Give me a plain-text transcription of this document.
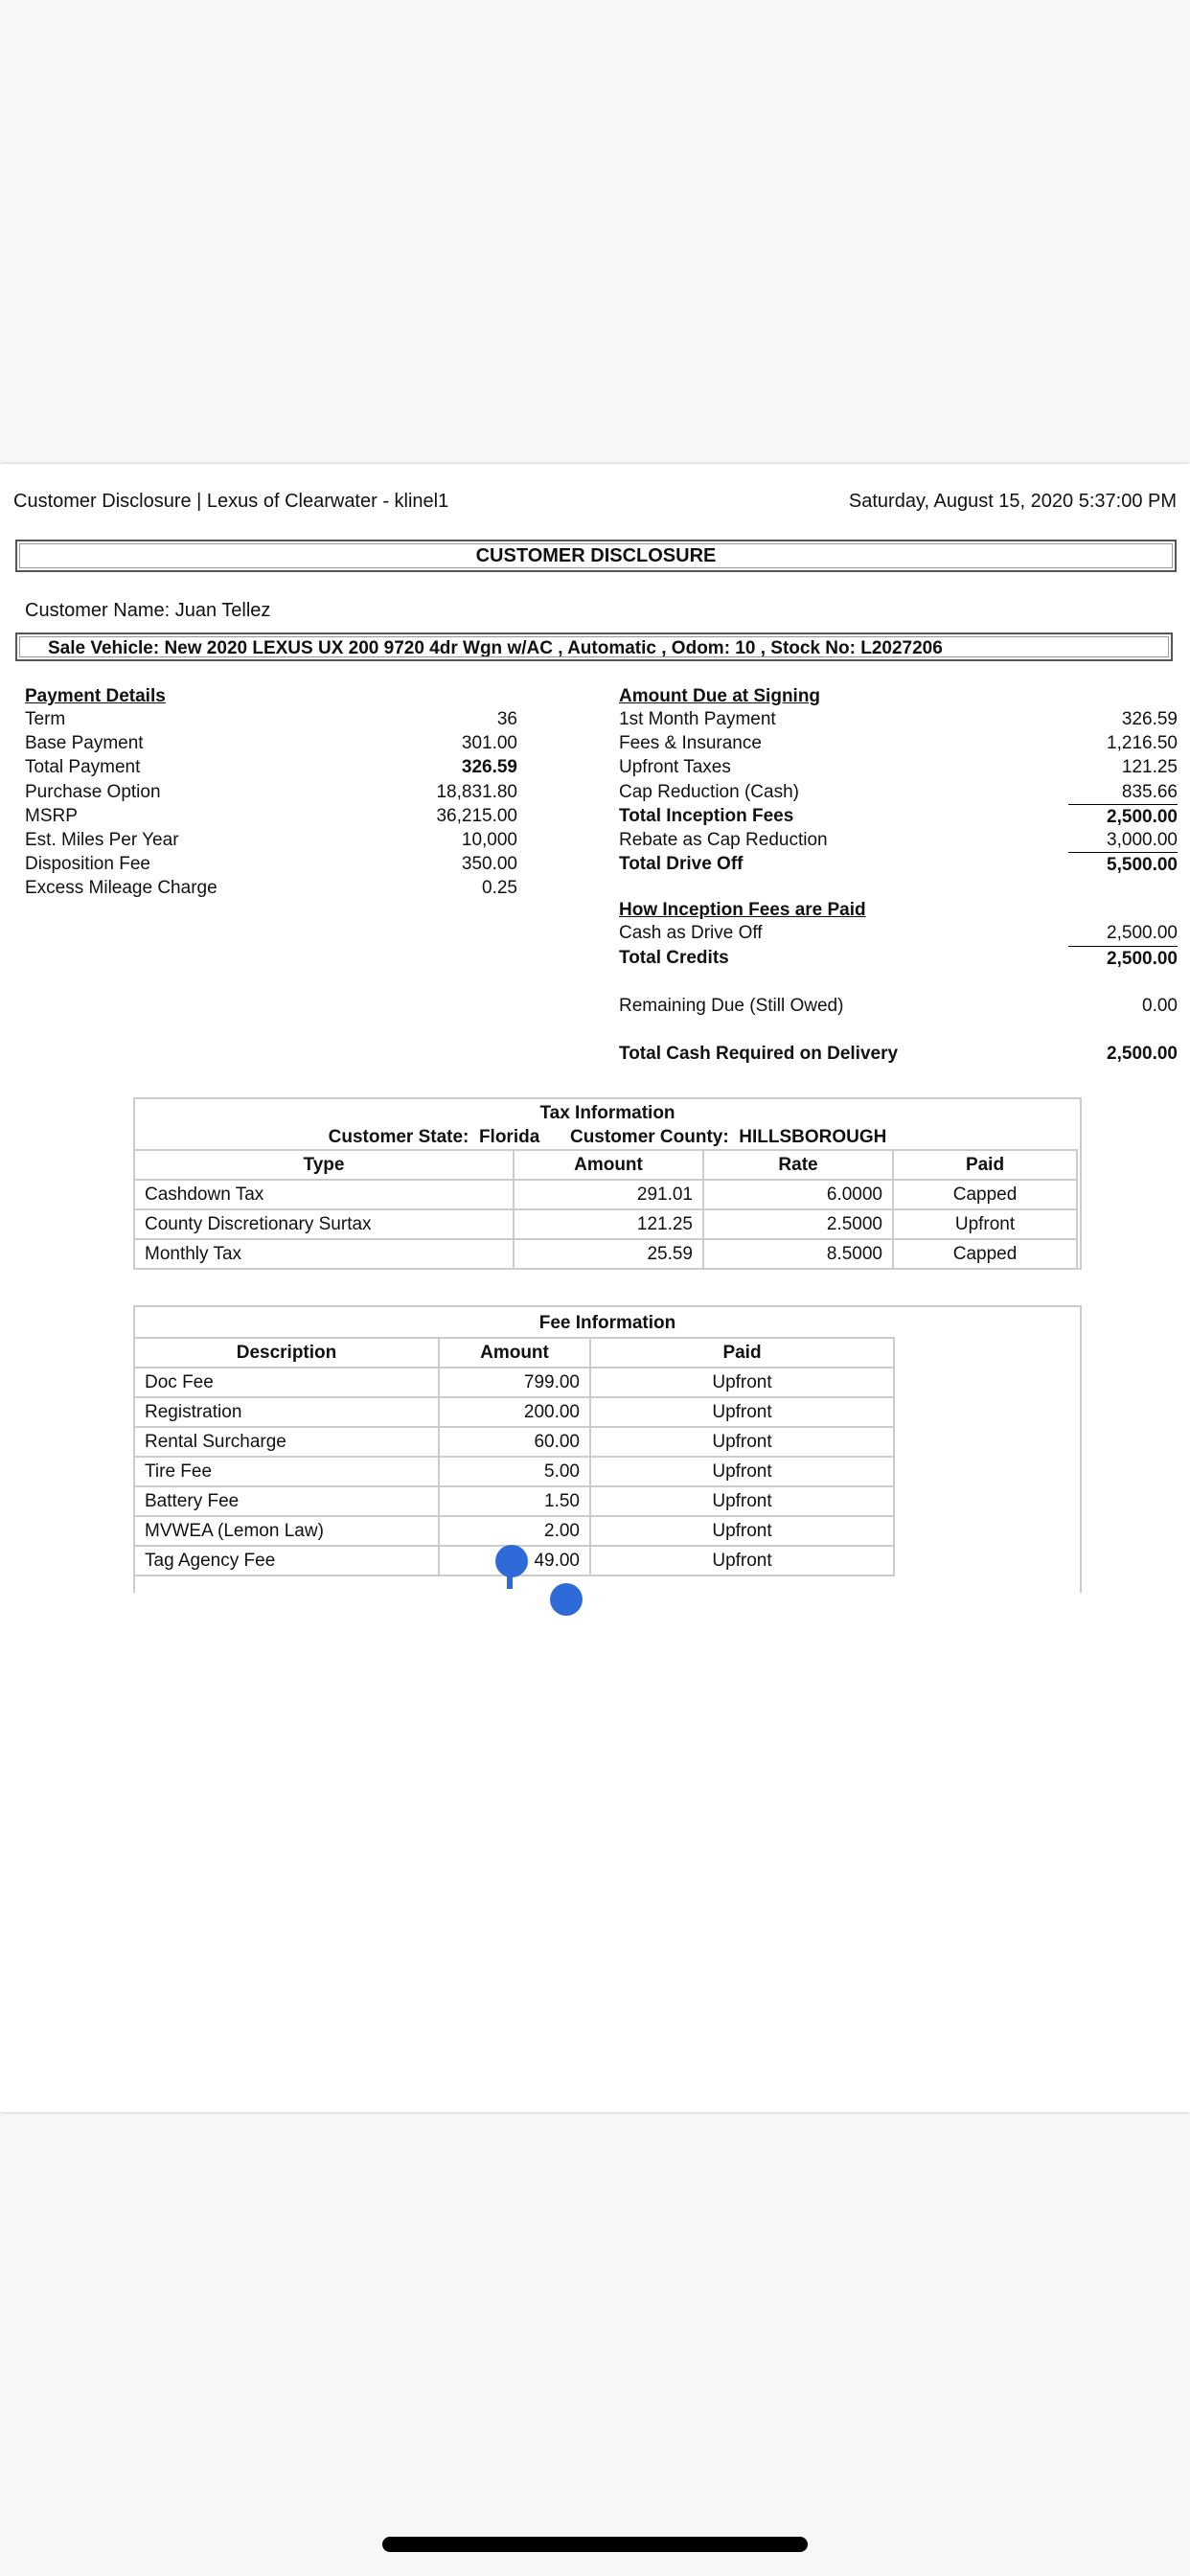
Customer Disclosure | Lexus of Clearwater - klinel1	Saturday, August 15, 2020 5:37:00 PM
CUSTOMER DISCLOSURE
Customer Name: Juan Tellez
Sale Vehicle: New 2020 LEXUS UX 200 9720 4dr Wgn w/AC , Automatic , Odom: 10 , Stock No: L2027206
Payment Details
Term	36
Base Payment	301.00
Total Payment	326.59
Purchase Option	18,831.80
MSRP	36,215.00
Est. Miles Per Year	10,000
Disposition Fee	350.00
Excess Mileage Charge	0.25
Amount Due at Signing
1st Month Payment	326.59
Fees & Insurance	1,216.50
Upfront Taxes	121.25
Cap Reduction (Cash)	835.66
Total Inception Fees	2,500.00
Rebate as Cap Reduction	3,000.00
Total Drive Off	5,500.00
How Inception Fees are Paid
Cash as Drive Off	2,500.00
Total Credits	2,500.00
Remaining Due (Still Owed)	0.00
Total Cash Required on Delivery	2,500.00
Tax Information
Customer State: Florida Customer County: HILLSBOROUGH
Type	Amount	Rate	Paid
Cashdown Tax	291.01	6.0000	Capped
County Discretionary Surtax	121.25	2.5000	Upfront
Monthly Tax	25.59	8.5000	Capped
Fee Information
Description	Amount	Paid
Doc Fee	799.00	Upfront
Registration	200.00	Upfront
Rental Surcharge	60.00	Upfront
Tire Fee	5.00	Upfront
Battery Fee	1.50	Upfront
MVWEA (Lemon Law)	2.00	Upfront
Tag Agency Fee	49.00	Upfront
